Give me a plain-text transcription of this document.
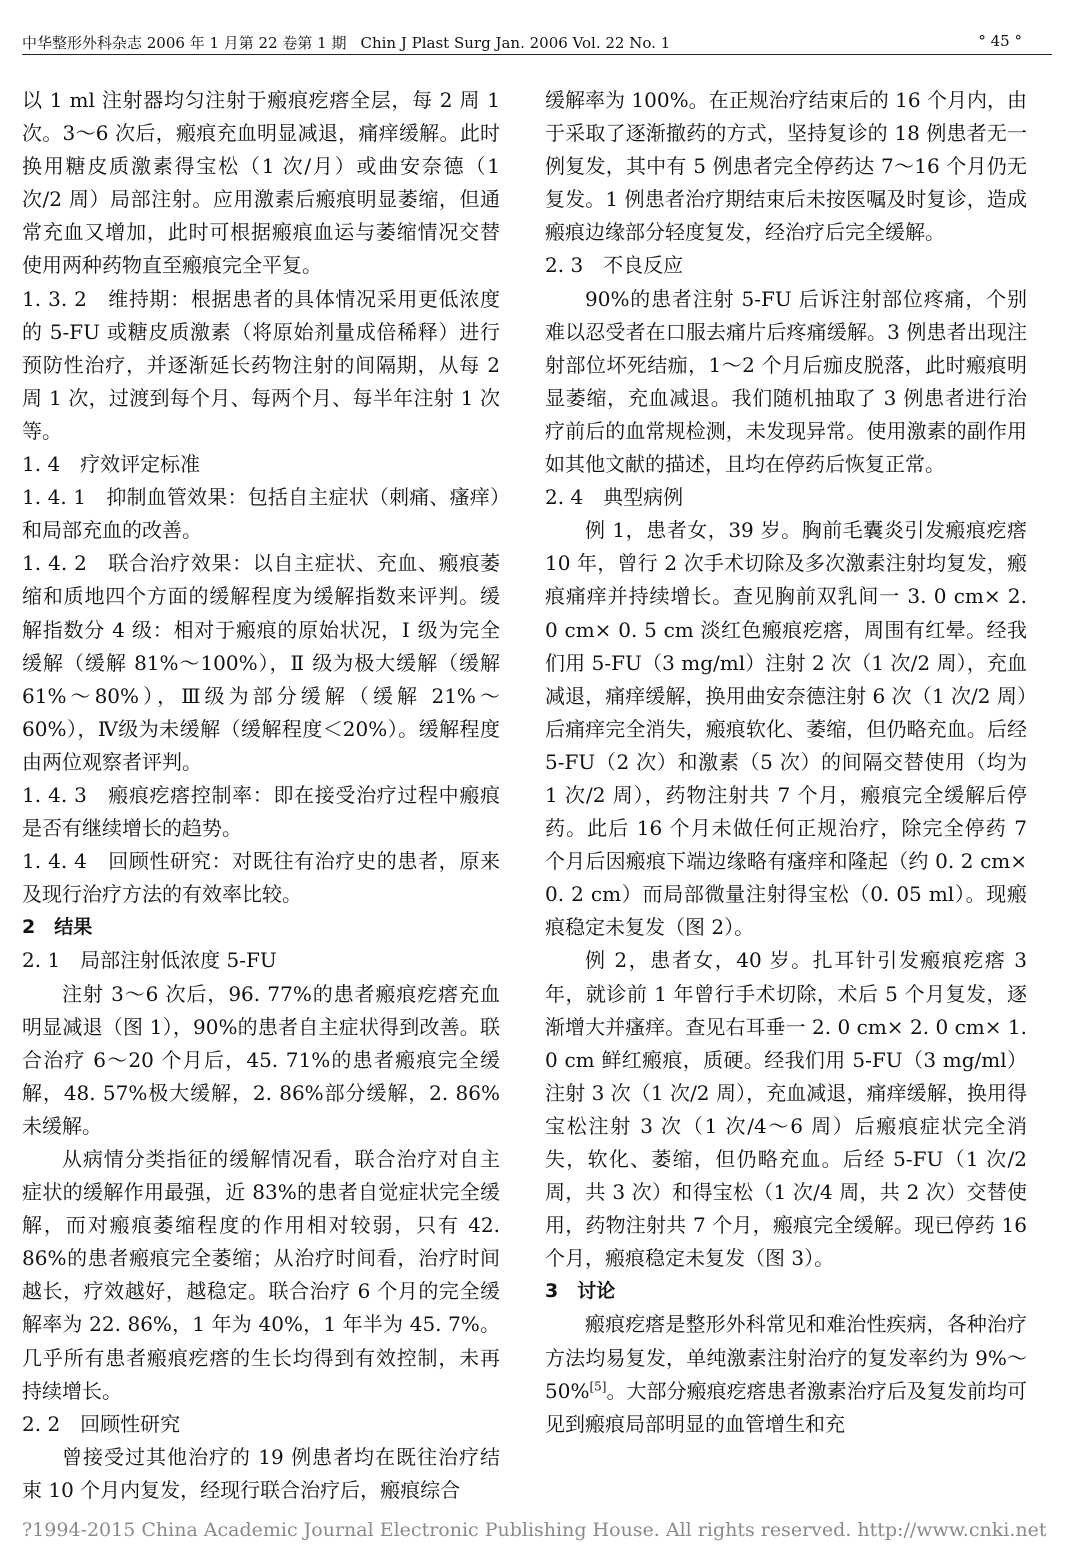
中华整形外科杂志 2006 年 1 月第 22 卷第 1 期 Chin J Plast Surg Jan. 2006 Vol. 22 No. 1	° 45 °

以 1 ml 注射器均匀注射于瘢痕疙瘩全层，每 2 周 1 次。3～6 次后，瘢痕充血明显减退，痛痒缓解。此时换用糖皮质激素得宝松（1 次/月）或曲安奈德（1 次/2 周）局部注射。应用激素后瘢痕明显萎缩，但通常充血又增加，此时可根据瘢痕血运与萎缩情况交替使用两种药物直至瘢痕完全平复。

1. 3. 2　维持期：根据患者的具体情况采用更低浓度的 5-FU 或糖皮质激素（将原始剂量成倍稀释）进行预防性治疗，并逐渐延长药物注射的间隔期，从每 2 周 1 次，过渡到每个月、每两个月、每半年注射 1 次等。

1. 4　疗效评定标准

1. 4. 1　抑制血管效果：包括自主症状（刺痛、瘙痒）和局部充血的改善。

1. 4. 2　联合治疗效果：以自主症状、充血、瘢痕萎缩和质地四个方面的缓解程度为缓解指数来评判。缓解指数分 4 级：相对于瘢痕的原始状况，Ⅰ 级为完全缓解（缓解 81%～100%），Ⅱ 级为极大缓解（缓解 61%～80%），Ⅲ级为部分缓解（缓解 21%～60%），Ⅳ级为未缓解（缓解程度＜20%）。缓解程度由两位观察者评判。

1. 4. 3　瘢痕疙瘩控制率：即在接受治疗过程中瘢痕是否有继续增长的趋势。

1. 4. 4　回顾性研究：对既往有治疗史的患者，原来及现行治疗方法的有效率比较。

2　结果

2. 1　局部注射低浓度 5-FU

注射 3～6 次后，96. 77%的患者瘢痕疙瘩充血明显减退（图 1），90%的患者自主症状得到改善。联合治疗 6～20 个月后，45. 71%的患者瘢痕完全缓解，48. 57%极大缓解，2. 86%部分缓解，2. 86%未缓解。

从病情分类指征的缓解情况看，联合治疗对自主症状的缓解作用最强，近 83%的患者自觉症状完全缓解，而对瘢痕萎缩程度的作用相对较弱，只有 42. 86%的患者瘢痕完全萎缩；从治疗时间看，治疗时间越长，疗效越好，越稳定。联合治疗 6 个月的完全缓解率为 22. 86%，1 年为 40%，1 年半为 45. 7%。几乎所有患者瘢痕疙瘩的生长均得到有效控制，未再持续增长。

2. 2　回顾性研究

曾接受过其他治疗的 19 例患者均在既往治疗结束 10 个月内复发，经现行联合治疗后，瘢痕综合

缓解率为 100%。在正规治疗结束后的 16 个月内，由于采取了逐渐撤药的方式，坚持复诊的 18 例患者无一例复发，其中有 5 例患者完全停药达 7～16 个月仍无复发。1 例患者治疗期结束后未按医嘱及时复诊，造成瘢痕边缘部分轻度复发，经治疗后完全缓解。

2. 3　不良反应

90%的患者注射 5-FU 后诉注射部位疼痛，个别难以忍受者在口服去痛片后疼痛缓解。3 例患者出现注射部位坏死结痂，1～2 个月后痂皮脱落，此时瘢痕明显萎缩，充血减退。我们随机抽取了 3 例患者进行治疗前后的血常规检测，未发现异常。使用激素的副作用如其他文献的描述，且均在停药后恢复正常。

2. 4　典型病例

例 1，患者女，39 岁。胸前毛囊炎引发瘢痕疙瘩 10 年，曾行 2 次手术切除及多次激素注射均复发，瘢痕痛痒并持续增长。查见胸前双乳间一 3. 0 cm× 2. 0 cm× 0. 5 cm 淡红色瘢痕疙瘩，周围有红晕。经我们用 5-FU（3 mg/ml）注射 2 次（1 次/2 周），充血减退，痛痒缓解，换用曲安奈德注射 6 次（1 次/2 周）后痛痒完全消失，瘢痕软化、萎缩，但仍略充血。后经 5-FU（2 次）和激素（5 次）的间隔交替使用（均为 1 次/2 周），药物注射共 7 个月，瘢痕完全缓解后停药。此后 16 个月未做任何正规治疗，除完全停药 7 个月后因瘢痕下端边缘略有瘙痒和隆起（约 0. 2 cm× 0. 2 cm）而局部微量注射得宝松（0. 05 ml）。现瘢痕稳定未复发（图 2）。

例 2，患者女，40 岁。扎耳针引发瘢痕疙瘩 3 年，就诊前 1 年曾行手术切除，术后 5 个月复发，逐渐增大并瘙痒。查见右耳垂一 2. 0 cm× 2. 0 cm× 1. 0 cm 鲜红瘢痕，质硬。经我们用 5-FU（3 mg/ml）注射 3 次（1 次/2 周），充血减退，痛痒缓解，换用得宝松注射 3 次（1 次/4～6 周）后瘢痕症状完全消失，软化、萎缩，但仍略充血。后经 5-FU（1 次/2 周，共 3 次）和得宝松（1 次/4 周，共 2 次）交替使用，药物注射共 7 个月，瘢痕完全缓解。现已停药 16 个月，瘢痕稳定未复发（图 3）。

3　讨论

瘢痕疙瘩是整形外科常见和难治性疾病，各种治疗方法均易复发，单纯激素注射治疗的复发率约为 9%～50%[5]。大部分瘢痕疙瘩患者激素治疗后及复发前均可见到瘢痕局部明显的血管增生和充

?1994-2015 China Academic Journal Electronic Publishing House. All rights reserved. http://www.cnki.net
